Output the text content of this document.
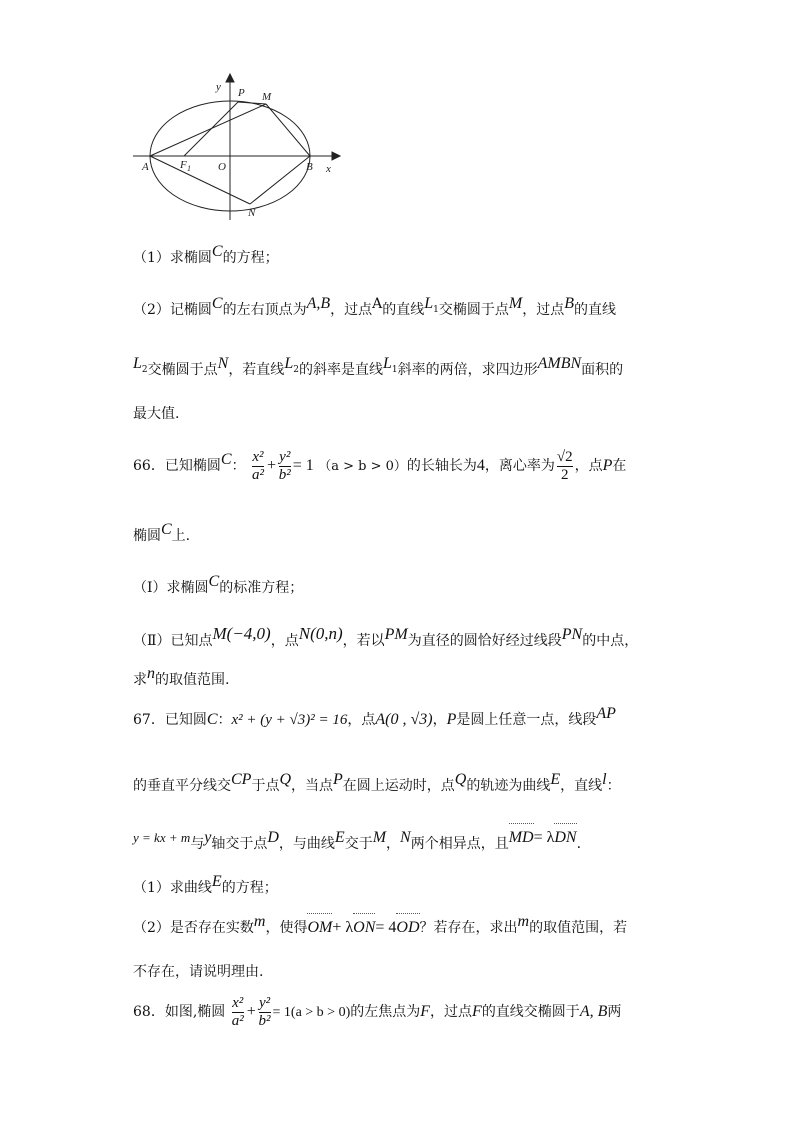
y
x
P M
A	F 1 O	B
N
（1）求椭圆C的方程；
（2）记椭圆C的左右顶点为A,B，过点A的直线$L_1$交椭圆于点M，过点B的直线
$L_2$交椭圆于点N，若直线$L_2$的斜率是直线$L_1$斜率的两倍，求四边形AMBN面积的
最大值.
66．已知椭圆C： $\frac{\text{x²}}{\text{a²}} + \frac{\text{y²}}{\text{b²}} = 1$ （a > b > 0）的长轴长为4，离心率为 $\frac{√2}{2}$ ，点P在
椭圆C上.
（Ⅰ）求椭圆C的标准方程；
（Ⅱ）已知点M(−4,0)，点N(0,n)，若以PM为直径的圆恰好经过线段PN的中点，
求n的取值范围.
67．已知圆C：x² + (y + √3)² = 16，点A(0 , √3)，P是圆上任意一点，线段AP
的垂直平分线交CP于点Q，当点P在圆上运动时，点Q的轨迹为曲线E，直线l：
y = kx + m与y轴交于点D，与曲线E交于M，N两个相异点，且MD= λDN.
（1）求曲线E的方程；
（2）是否存在实数m，使得OM+ λON= 4OD？若存在，求出m的取值范围，若
不存在，请说明理由.
68．如图,椭圆 $\frac{\text{x²}}{\text{a²}} + \frac{\text{y²}}{\text{b²}} = 1(a > b > 0)$的左焦点为F，过点F的直线交椭圆于A, B两
